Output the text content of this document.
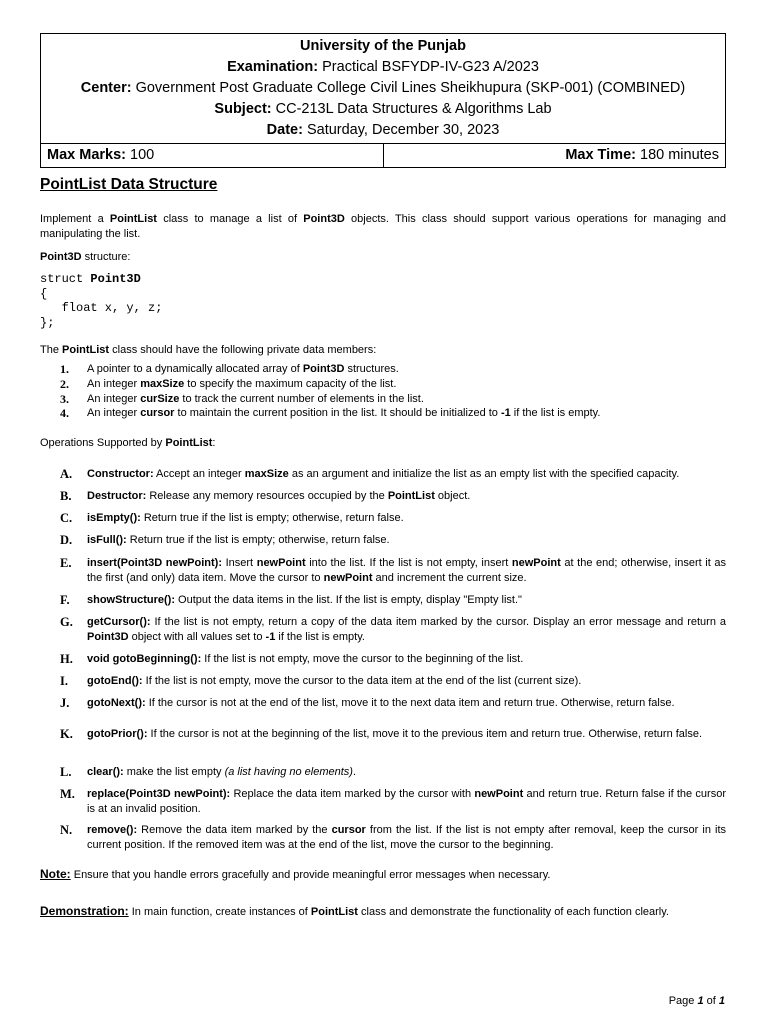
University of the Punjab
Examination: Practical BSFYDP-IV-G23 A/2023
Center: Government Post Graduate College Civil Lines Sheikhupura (SKP-001) (COMBINED)
Subject: CC-213L Data Structures & Algorithms Lab
Date: Saturday, December 30, 2023
Max Marks: 100	Max Time: 180 minutes
PointList Data Structure
Implement a PointList class to manage a list of Point3D objects. This class should support various operations for managing and manipulating the list.
Point3D structure:
struct Point3D
{
float x, y, z;
};
The PointList class should have the following private data members:
1.	A pointer to a dynamically allocated array of Point3D structures.
2.	An integer maxSize to specify the maximum capacity of the list.
3.	An integer curSize to track the current number of elements in the list.
4.	An integer cursor to maintain the current position in the list. It should be initialized to -1 if the list is empty.
Operations Supported by PointList:
A.	Constructor: Accept an integer maxSize as an argument and initialize the list as an empty list with the specified capacity.
B.	Destructor: Release any memory resources occupied by the PointList object.
C.	isEmpty(): Return true if the list is empty; otherwise, return false.
D.	isFull(): Return true if the list is empty; otherwise, return false.
E.	insert(Point3D newPoint): Insert newPoint into the list. If the list is not empty, insert newPoint at the end; otherwise, insert it as the first (and only) data item. Move the cursor to newPoint and increment the current size.
F.	showStructure(): Output the data items in the list. If the list is empty, display "Empty list."
G.	getCursor(): If the list is not empty, return a copy of the data item marked by the cursor. Display an error message and return a Point3D object with all values set to -1 if the list is empty.
H.	void gotoBeginning(): If the list is not empty, move the cursor to the beginning of the list.
I.	gotoEnd(): If the list is not empty, move the cursor to the data item at the end of the list (current size).
J.	gotoNext(): If the cursor is not at the end of the list, move it to the next data item and return true. Otherwise, return false.
K.	gotoPrior(): If the cursor is not at the beginning of the list, move it to the previous item and return true. Otherwise, return false.
L.	clear(): make the list empty (a list having no elements).
M.	replace(Point3D newPoint): Replace the data item marked by the cursor with newPoint and return true. Return false if the cursor is at an invalid position.
N.	remove(): Remove the data item marked by the cursor from the list. If the list is not empty after removal, keep the cursor in its current position. If the removed item was at the end of the list, move the cursor to the beginning.
Note: Ensure that you handle errors gracefully and provide meaningful error messages when necessary.
Demonstration: In main function, create instances of PointList class and demonstrate the functionality of each function clearly.
Page 1 of 1
